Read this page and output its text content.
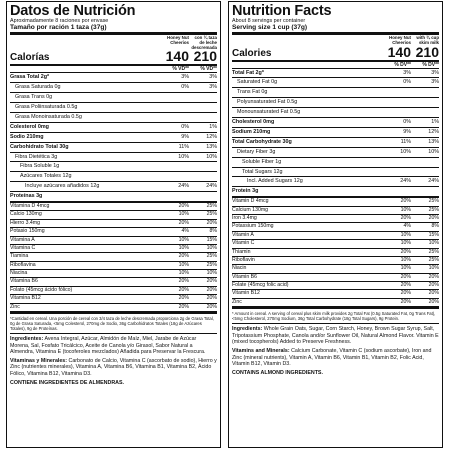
Datos de Nutrición
Aproximadamente 8 raciones por envase
Tamaño por ración 1 taza (37g)
Honey Nut Cheerios
con ¾ taza de leche descremada
Calorías	140 210
% VD**	% VD**
Grasa Total 2g*	3%	3%
Grasa Saturada 0g	0%	3%
Grasa Trans 0g
Grasa Poliinsaturada 0.5g
Grasa Monoinsaturada 0.5g
Colesterol 0mg	0%	1%
Sodio 210mg	9%	12%
Carbohidrato Total 30g	11%	13%
Fibra Dietética 3g	10%	10%
Fibra Soluble 1g
Azúcares Totales 12g
Incluye azúcares añadidos 12g	24%	24%
Proteínas 3g
Vitamina D 4mcg	20%	25%
Calcio 130mg	10%	25%
Hierro 3.4mg	20%	20%
Potasio 150mg	4%	8%
Vitamina A	10%	15%
Vitamina C	10%	10%
Tiamina	20%	25%
Riboflavina	10%	25%
Niacina	10%	10%
Vitamina B6	20%	20%
Folato (45mcg ácido fólico)	20%	20%
Vitamina B12	20%	20%
Zinc	20%	20%
*Cantidad en cereal. Una porción de cereal con 3/4 taza de leche descremada proporciona 2g de Grasa Total, 0g de Grasa Saturada, <5mg Colesterol, 270mg de Sodio, 36g Carbohidratos Totales (18g de Azúcares Totales), 9g de Proteínas.
Ingredientes: Avena Integral, Azúcar, Almidón de Maíz, Miel, Jarabe de Azúcar Morena, Sal, Fosfato Tricálcico, Aceite de Canola y/o Girasol, Sabor Natural a Almendra, Vitamina E (tocoferoles mezclados) Añadida para Preservar la Frescura.
Vitaminas y Minerales: Carbonato de Calcio, Vitamina C (ascorbato de sodio), Hierro y Zinc (nutrientes minerales), Vitamina A, Vitamina B6, Vitamina B1, Vitamina B2, Ácido Fólico, Vitamina B12, Vitamina D3.
CONTIENE INGREDIENTES DE ALMENDRAS.
Nutrition Facts
About 8 servings per container
Serving size 1 cup (37g)
Honey Nut Cheerios
with ¾ cup skim milk
Calories	140 210
% DV**	% DV**
Total Fat 2g*	3%	3%
Saturated Fat 0g	0%	3%
Trans Fat 0g
Polyunsaturated Fat 0.5g
Monounsaturated Fat 0.5g
Cholesterol 0mg	0%	1%
Sodium 210mg	9%	12%
Total Carbohydrate 30g	11%	13%
Dietary Fiber 3g	10%	10%
Soluble Fiber 1g
Total Sugars 12g
Incl. Added Sugars 12g	24%	24%
Protein 3g
Vitamin D 4mcg	20%	25%
Calcium 130mg	10%	25%
Iron 3.4mg	20%	20%
Potassium 150mg	4%	8%
Vitamin A	10%	15%
Vitamin C	10%	10%
Thiamin	20%	25%
Riboflavin	10%	25%
Niacin	10%	10%
Vitamin B6	20%	20%
Folate (45mcg folic acid)	20%	20%
Vitamin B12	20%	20%
Zinc	20%	20%
* Amount in cereal. A serving of cereal plus skim milk provides 2g Total Fat (0.5g Saturated Fat, 0g Trans Fat), <5mg Cholesterol, 270mg Sodium, 36g Total Carbohydrate (18g Total Sugars), 9g Protein.
Ingredients: Whole Grain Oats, Sugar, Corn Starch, Honey, Brown Sugar Syrup, Salt, Tripotassium Phosphate, Canola and/or Sunflower Oil, Natural Almond Flavor. Vitamin E (mixed tocopherols) Added to Preserve Freshness.
Vitamins and Minerals: Calcium Carbonate, Vitamin C (sodium ascorbate), Iron and Zinc (mineral nutrients), Vitamin A, Vitamin B6, Vitamin B1, Vitamin B2, Folic Acid, Vitamin B12, Vitamin D3.
CONTAINS ALMOND INGREDIENTS.
